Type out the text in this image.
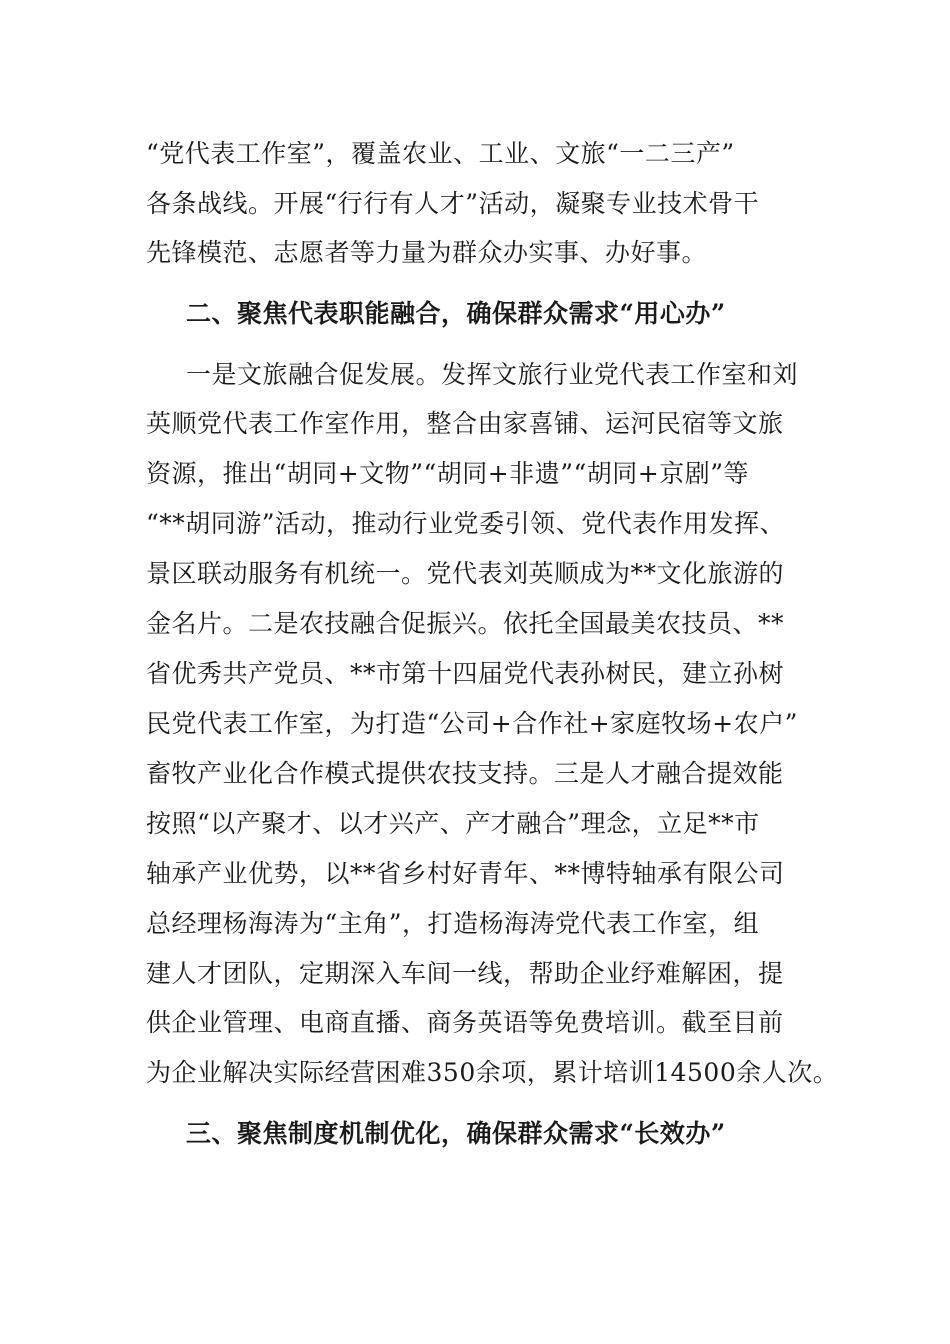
“党代表工作室”，覆盖农业、工业、文旅“一二三产”
各条战线。开展“行行有人才”活动，凝聚专业技术骨干
先锋模范、志愿者等力量为群众办实事、办好事。
二、聚焦代表职能融合，确保群众需求“用心办”
一是文旅融合促发展。发挥文旅行业党代表工作室和刘
英顺党代表工作室作用，整合由家喜铺、运河民宿等文旅
资源，推出“胡同+文物”“胡同+非遗”“胡同+京剧”等
“**胡同游”活动，推动行业党委引领、党代表作用发挥、
景区联动服务有机统一。党代表刘英顺成为**文化旅游的
金名片。二是农技融合促振兴。依托全国最美农技员、**
省优秀共产党员、**市第十四届党代表孙树民，建立孙树
民党代表工作室，为打造“公司+合作社+家庭牧场+农户”
畜牧产业化合作模式提供农技支持。三是人才融合提效能
按照“以产聚才、以才兴产、产才融合”理念，立足**市
轴承产业优势，以**省乡村好青年、**博特轴承有限公司
总经理杨海涛为“主角”，打造杨海涛党代表工作室，组
建人才团队，定期深入车间一线，帮助企业纾难解困，提
供企业管理、电商直播、商务英语等免费培训。截至目前
为企业解决实际经营困难350余项，累计培训14500余人次。
三、聚焦制度机制优化，确保群众需求“长效办”
